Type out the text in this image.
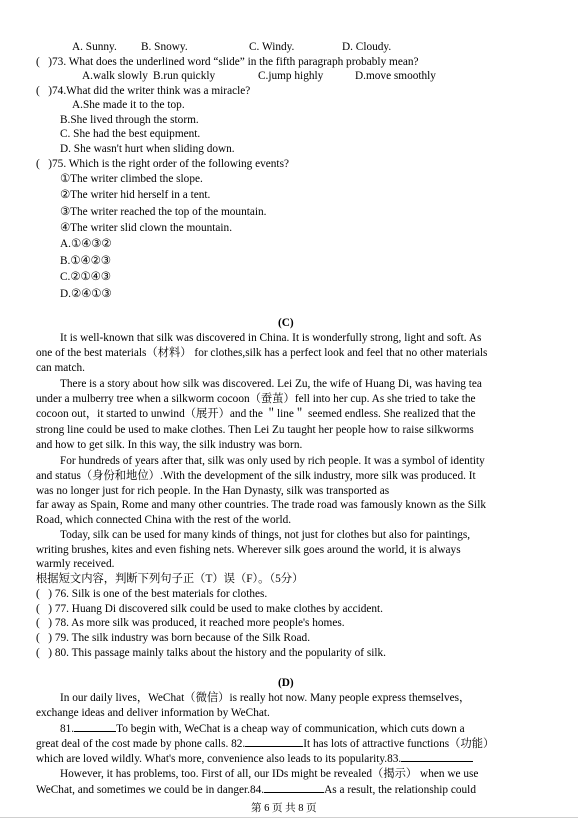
A. Sunny. B. Snowy.	C. Windy.	D. Cloudy.
( )73. What does the underlined word “slide” in the fifth paragraph probably mean?
A.walk slowly B.run quickly	C.jump highly	D.move smoothly
( )74.What did the writer think was a miracle?
A.She made it to the top.
B.She lived through the storm.
C. She had the best equipment.
D. She wasn't hurt when sliding down.
( )75. Which is the right order of the following events?
①The writer climbed the slope.
②The writer hid herself in a tent.
③The writer reached the top of the mountain.
④The writer slid clown the mountain.
A.①④③②
B.①④②③
C.②①④③
D.②④①③
(C)
It is well-known that silk was discovered in China. It is wonderfully strong, light and soft. As
one of the best materials（材料） for clothes,silk has a perfect look and feel that no other materials
can match.
There is a story about how silk was discovered. Lei Zu, the wife of Huang Di, was having tea
under a mulberry tree when a silkworm cocoon（蚕茧）fell into her cup. As she tried to take the
cocoon out，it started to unwind（展开）and the ＂line＂ seemed endless. She realized that the
strong line could be used to make clothes. Then Lei Zu taught her people how to raise silkworms
and how to get silk. In this way, the silk industry was born.
For hundreds of years after that, silk was only used by rich people. It was a symbol of identity
and status（身份和地位）.With the development of the silk industry, more silk was produced. It
was no longer just for rich people. In the Han Dynasty, silk was transported as
far away as Spain, Rome and many other countries. The trade road was famously known as the Silk
Road, which connected China with the rest of the world.
Today, silk can be used for many kinds of things, not just for clothes but also for paintings,
writing brushes, kites and even fishing nets. Wherever silk goes around the world, it is always
warmly received.
根据短文内容，判断下列句子正（T）误（F）。（5分）
( ) 76. Silk is one of the best materials for clothes.
( ) 77. Huang Di discovered silk could be used to make clothes by accident.
( ) 78. As more silk was produced, it reached more people's homes.
( ) 79. The silk industry was born because of the Silk Road.
( ) 80. This passage mainly talks about the history and the popularity of silk.
(D)
In our daily lives，WeChat（微信）is really hot now. Many people express themselves，
exchange ideas and deliver information by WeChat.
81.	To begin with, WeChat is a cheap way of communication, which cuts down a
great deal of the cost made by phone calls. 82.	It has lots of attractive functions（功能）
which are loved wildly. What's more, convenience also leads to its popularity.83.
However, it has problems, too. First of all, our IDs might be revealed（揭示） when we use
WeChat, and sometimes we could be in danger.84.	As a result, the relationship could
第 6 页 共 8 页
